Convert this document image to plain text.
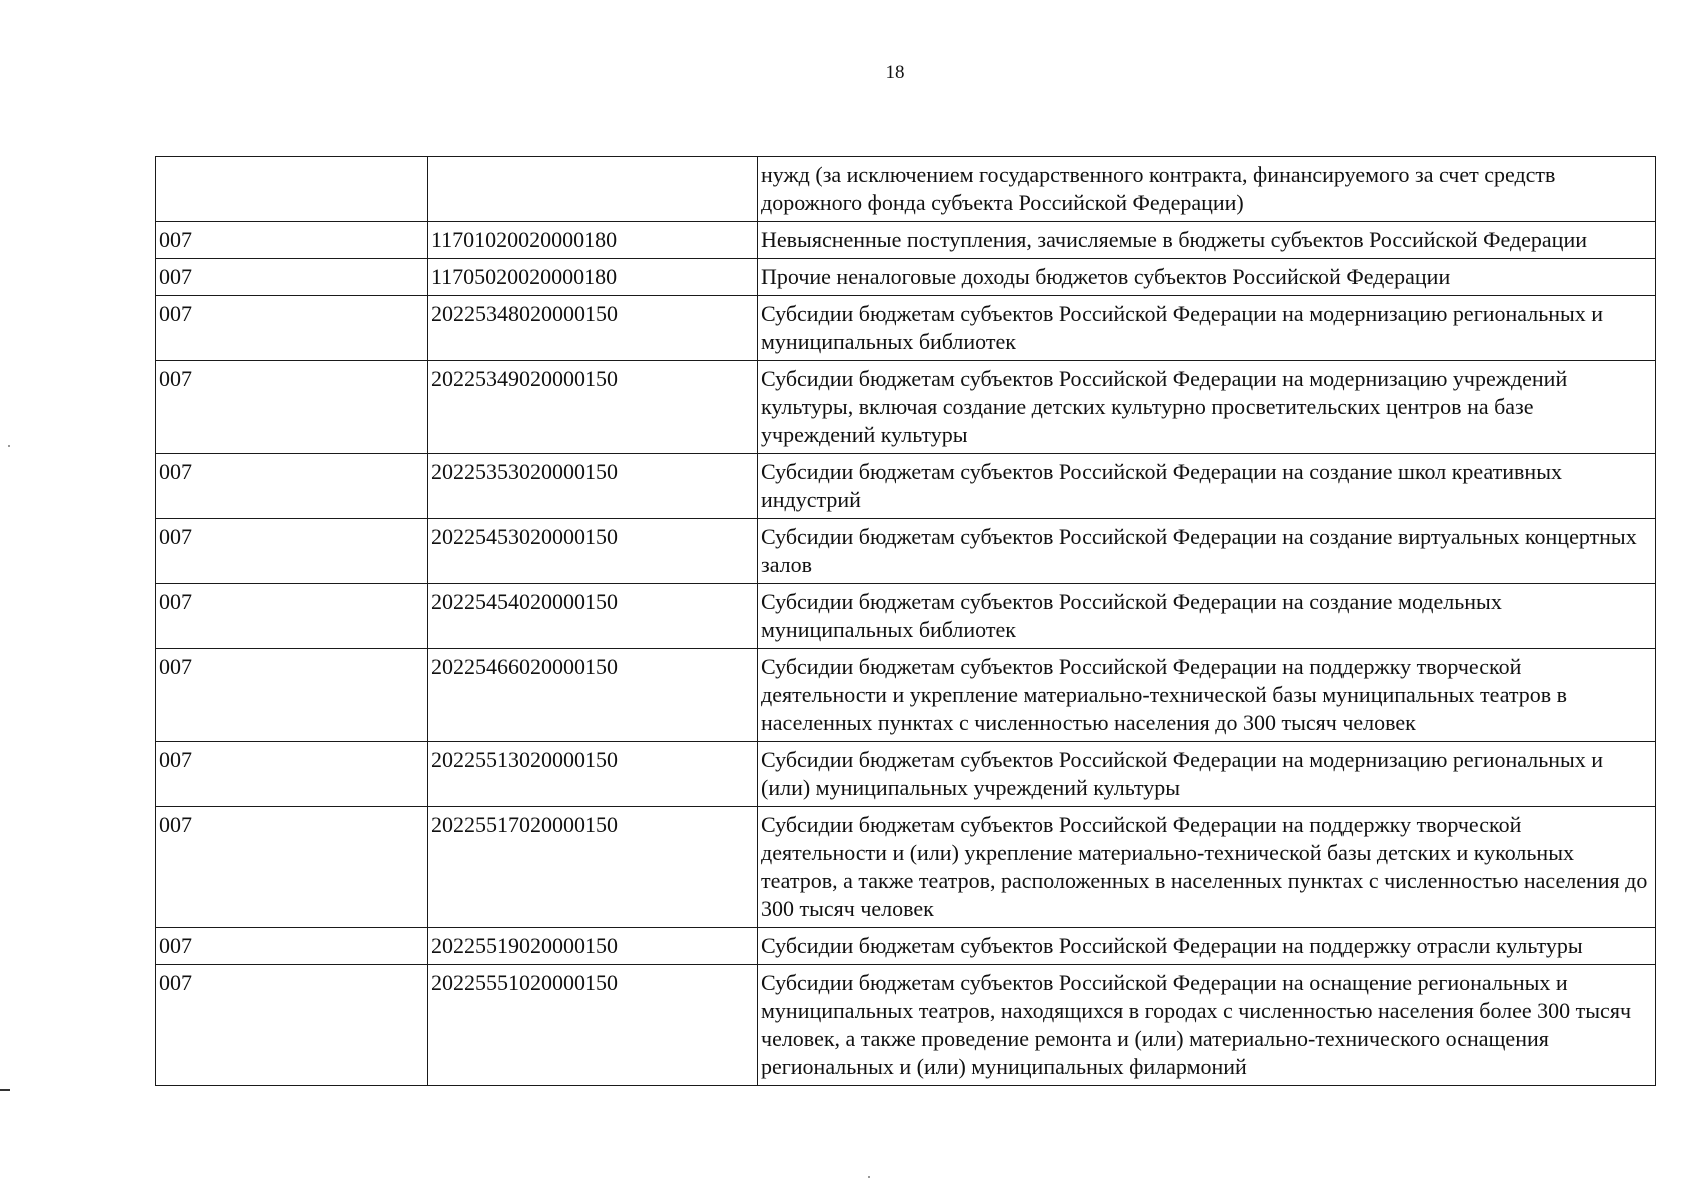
18
		нужд (за исключением государственного контракта, финансируемого за счет средств дорожного фонда субъекта Российской Федерации)
007	11701020020000180	Невыясненные поступления, зачисляемые в бюджеты субъектов Российской Федерации
007	11705020020000180	Прочие неналоговые доходы бюджетов субъектов Российской Федерации
007	20225348020000150	Субсидии бюджетам субъектов Российской Федерации на модернизацию региональных и муниципальных библиотек
007	20225349020000150	Субсидии бюджетам субъектов Российской Федерации на модернизацию учреждений культуры, включая создание детских культурно просветительских центров на базе учреждений культуры
007	20225353020000150	Субсидии бюджетам субъектов Российской Федерации на создание школ креативных индустрий
007	20225453020000150	Субсидии бюджетам субъектов Российской Федерации на создание виртуальных концертных залов
007	20225454020000150	Субсидии бюджетам субъектов Российской Федерации на создание модельных муниципальных библиотек
007	20225466020000150	Субсидии бюджетам субъектов Российской Федерации на поддержку творческой деятельности и укрепление материально-технической базы муниципальных театров в населенных пунктах с численностью населения до 300 тысяч человек
007	20225513020000150	Субсидии бюджетам субъектов Российской Федерации на модернизацию региональных и (или) муниципальных учреждений культуры
007	20225517020000150	Субсидии бюджетам субъектов Российской Федерации на поддержку творческой деятельности и (или) укрепление материально-технической базы детских и кукольных театров, а также театров, расположенных в населенных пунктах с численностью населения до 300 тысяч человек
007	20225519020000150	Субсидии бюджетам субъектов Российской Федерации на поддержку отрасли культуры
007	20225551020000150	Субсидии бюджетам субъектов Российской Федерации на оснащение региональных и муниципальных театров, находящихся в городах с численностью населения более 300 тысяч человек, а также проведение ремонта и (или) материально-технического оснащения региональных и (или) муниципальных филармоний
